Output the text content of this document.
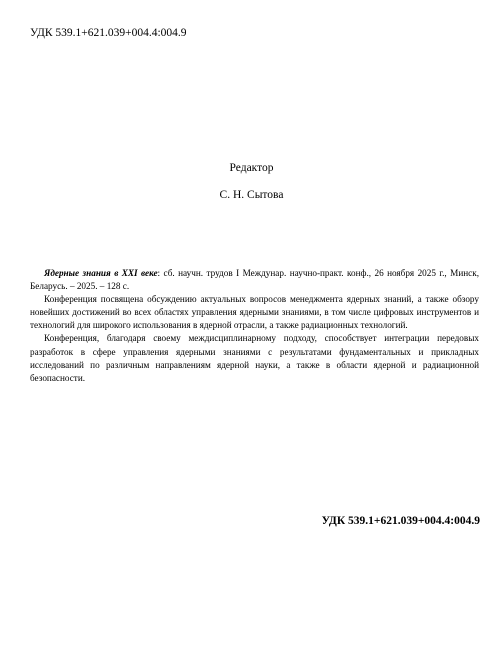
УДК 539.1+621.039+004.4:004.9
Редактор
С. Н. Сытова

Ядерные знания в XXI веке: сб. научн. трудов I Междунар. научно-практ. конф., 26 ноября 2025 г., Минск, Беларусь. – 2025. – 128 с.

Конференция посвящена обсуждению актуальных вопросов менеджмента ядерных знаний, а также обзору новейших достижений во всех областях управления ядерными знаниями, в том числе цифровых инструментов и технологий для широкого использования в ядерной отрасли, а также радиационных технологий.

Конференция, благодаря своему междисциплинарному подходу, способствует интеграции передовых разработок в сфере управления ядерными знаниями с результатами фундаментальных и прикладных исследований по различным направлениям ядерной науки, а также в области ядерной и радиационной безопасности.

УДК 539.1+621.039+004.4:004.9
